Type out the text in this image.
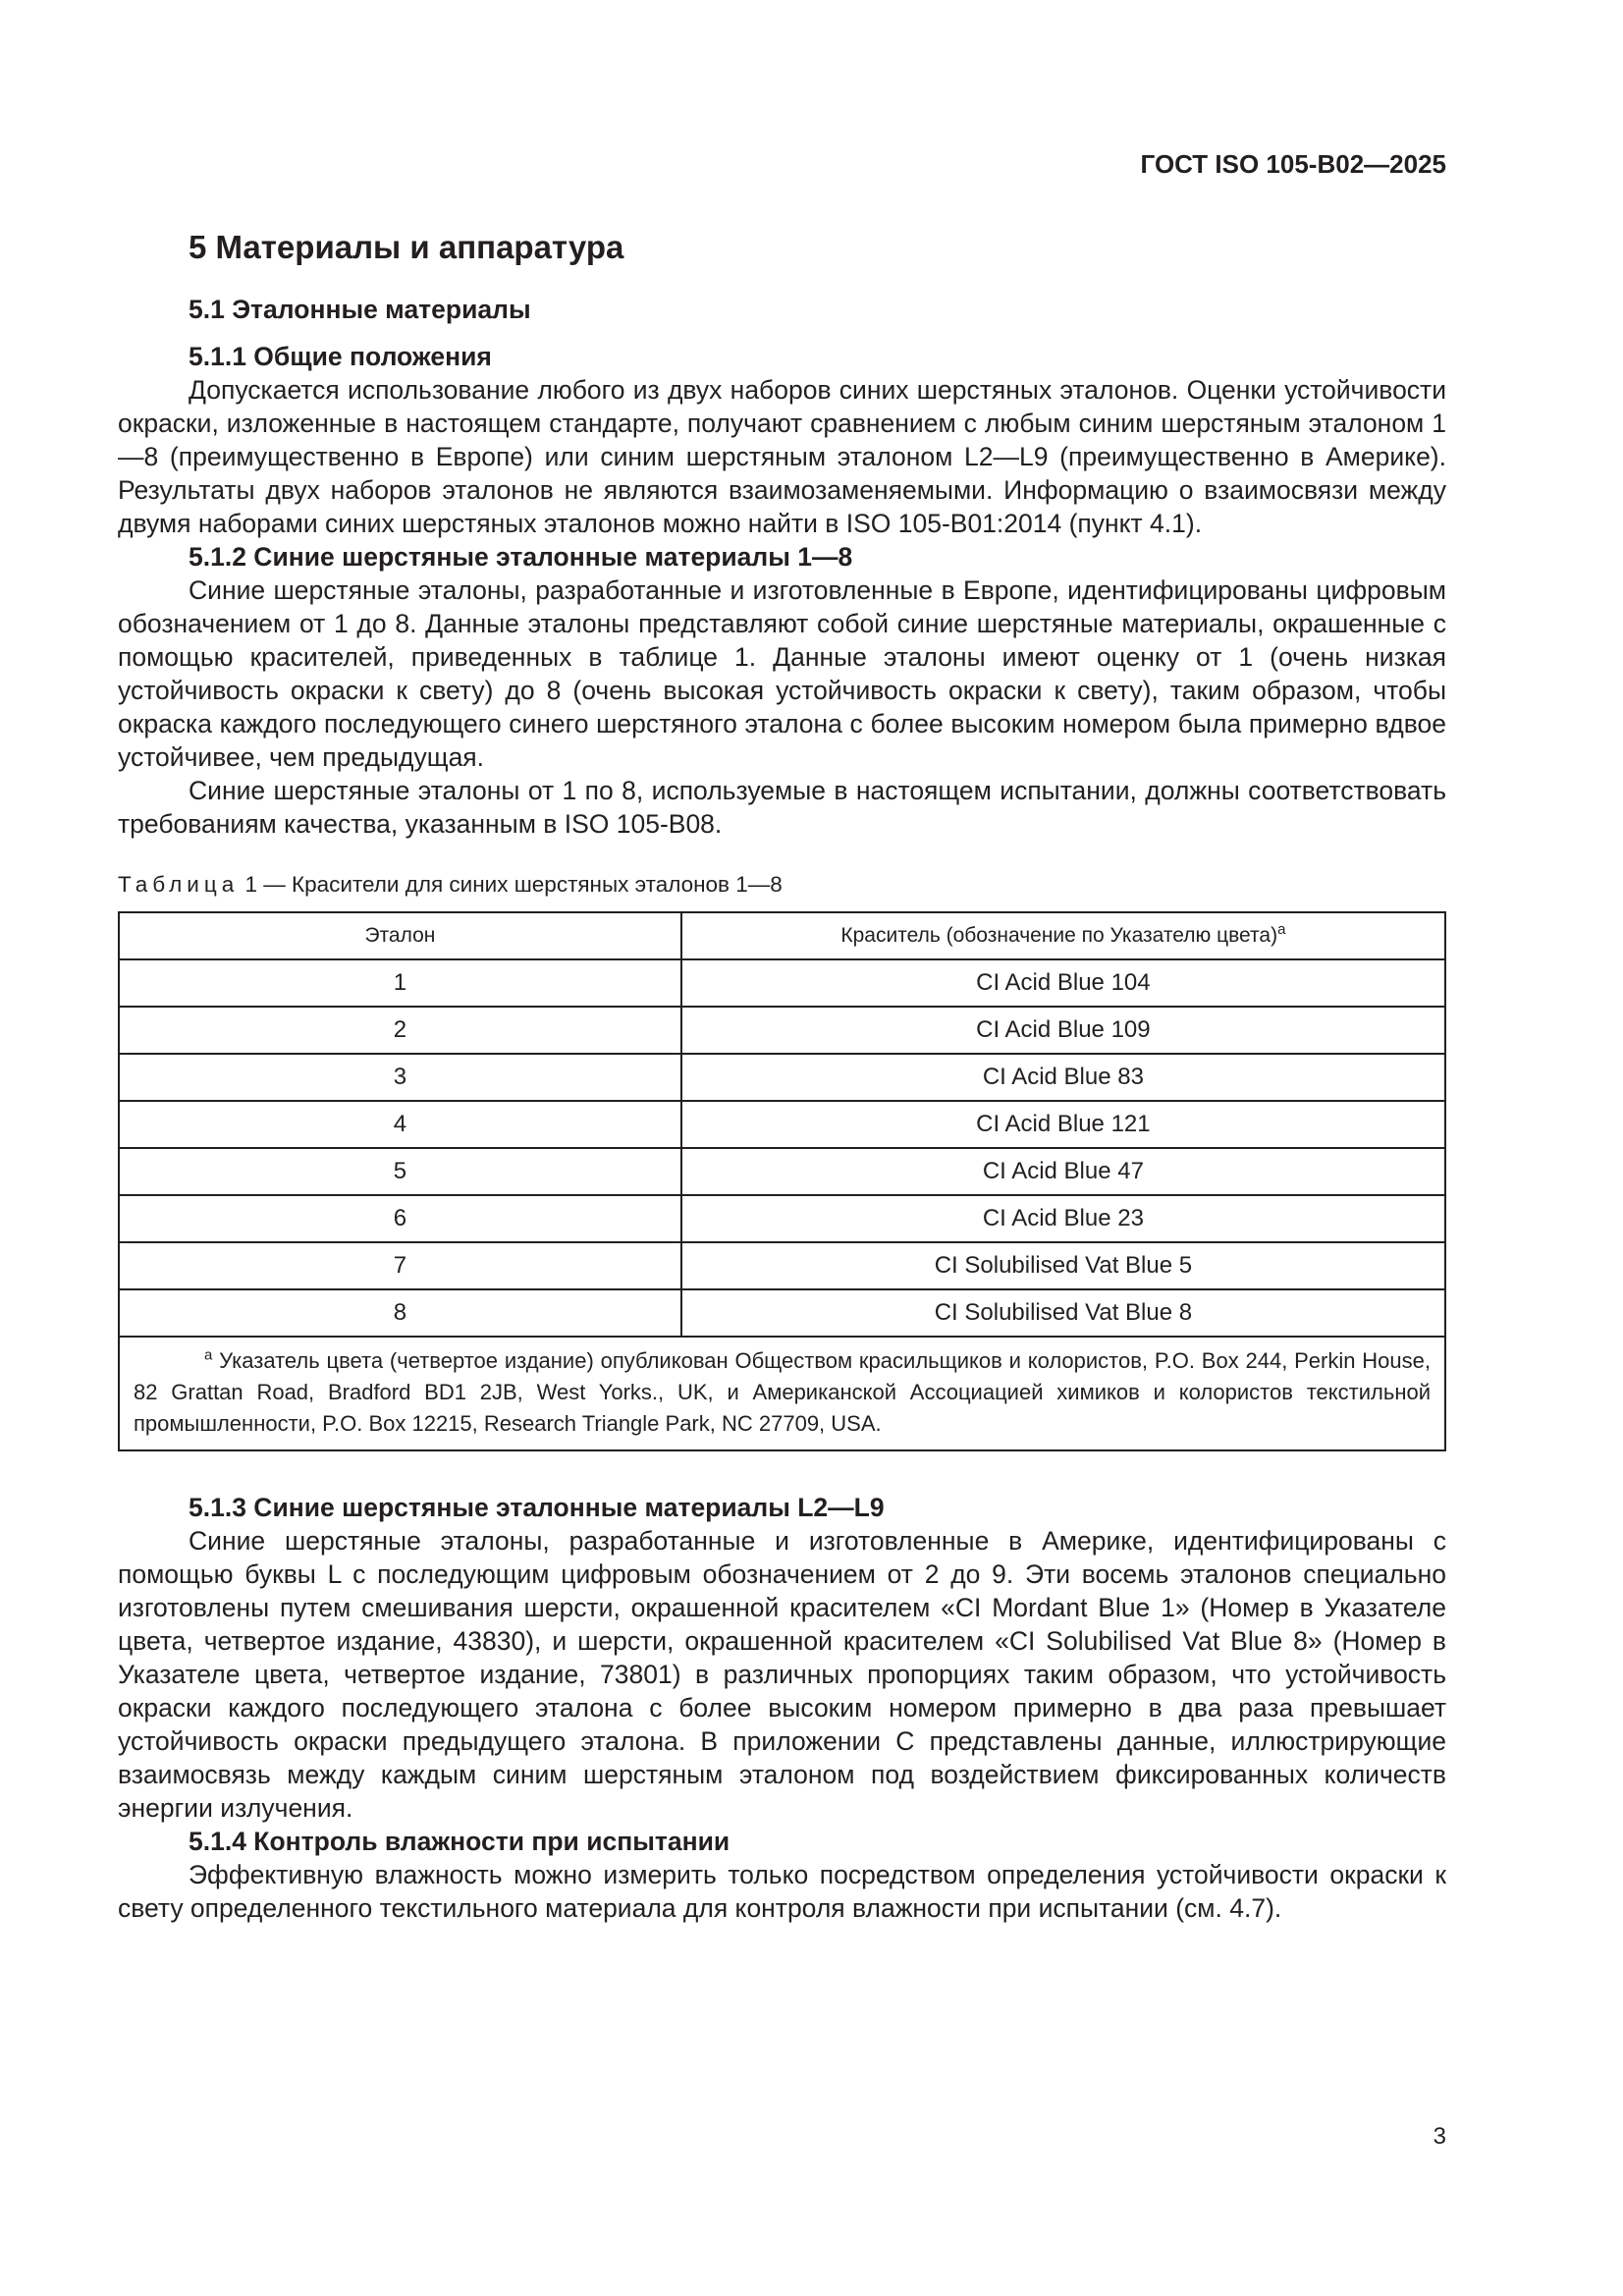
ГОСТ ISO 105-B02—2025
5 Материалы и аппаратура
5.1 Эталонные материалы
5.1.1 Общие положения

Допускается использование любого из двух наборов синих шерстяных эталонов. Оценки устойчивости окраски, изложенные в настоящем стандарте, получают сравнением с любым синим шерстяным эталоном 1—8 (преимущественно в Европе) или синим шерстяным эталоном L2—L9 (преимущественно в Америке). Результаты двух наборов эталонов не являются взаимозаменяемыми. Информацию о взаимосвязи между двумя наборами синих шерстяных эталонов можно найти в ISO 105-B01:2014 (пункт 4.1).

5.1.2 Синие шерстяные эталонные материалы 1—8

Синие шерстяные эталоны, разработанные и изготовленные в Европе, идентифицированы цифровым обозначением от 1 до 8. Данные эталоны представляют собой синие шерстяные материалы, окрашенные с помощью красителей, приведенных в таблице 1. Данные эталоны имеют оценку от 1 (очень низкая устойчивость окраски к свету) до 8 (очень высокая устойчивость окраски к свету), таким образом, чтобы окраска каждого последующего синего шерстяного эталона с более высоким номером была примерно вдвое устойчивее, чем предыдущая.

Синие шерстяные эталоны от 1 по 8, используемые в настоящем испытании, должны соответствовать требованиям качества, указанным в ISO 105-B08.

Таблица 1 — Красители для синих шерстяных эталонов 1—8
Эталон	Краситель (обозначение по Указателю цвета)$^a$
1	CI Acid Blue 104
2	CI Acid Blue 109
3	CI Acid Blue 83
4	CI Acid Blue 121
5	CI Acid Blue 47
6	CI Acid Blue 23
7	CI Solubilised Vat Blue 5
8	CI Solubilised Vat Blue 8

$^a$ Указатель цвета (четвертое издание) опубликован Обществом красильщиков и колористов, P.O. Box 244, Perkin House, 82 Grattan Road, Bradford BD1 2JB, West Yorks., UK, и Американской Ассоциацией химиков и колористов текстильной промышленности, P.O. Box 12215, Research Triangle Park, NC 27709, USA.	
5.1.3 Синие шерстяные эталонные материалы L2—L9

Синие шерстяные эталоны, разработанные и изготовленные в Америке, идентифицированы с помощью буквы L с последующим цифровым обозначением от 2 до 9. Эти восемь эталонов специально изготовлены путем смешивания шерсти, окрашенной красителем «CI Mordant Blue 1» (Номер в Указателе цвета, четвертое издание, 43830), и шерсти, окрашенной красителем «CI Solubilised Vat Blue 8» (Номер в Указателе цвета, четвертое издание, 73801) в различных пропорциях таким образом, что устойчивость окраски каждого последующего эталона с более высоким номером примерно в два раза превышает устойчивость окраски предыдущего эталона. В приложении C представлены данные, иллюстрирующие взаимосвязь между каждым синим шерстяным эталоном под воздействием фиксированных количеств энергии излучения.

5.1.4 Контроль влажности при испытании

Эффективную влажность можно измерить только посредством определения устойчивости окраски к свету определенного текстильного материала для контроля влажности при испытании (см. 4.7).

3
